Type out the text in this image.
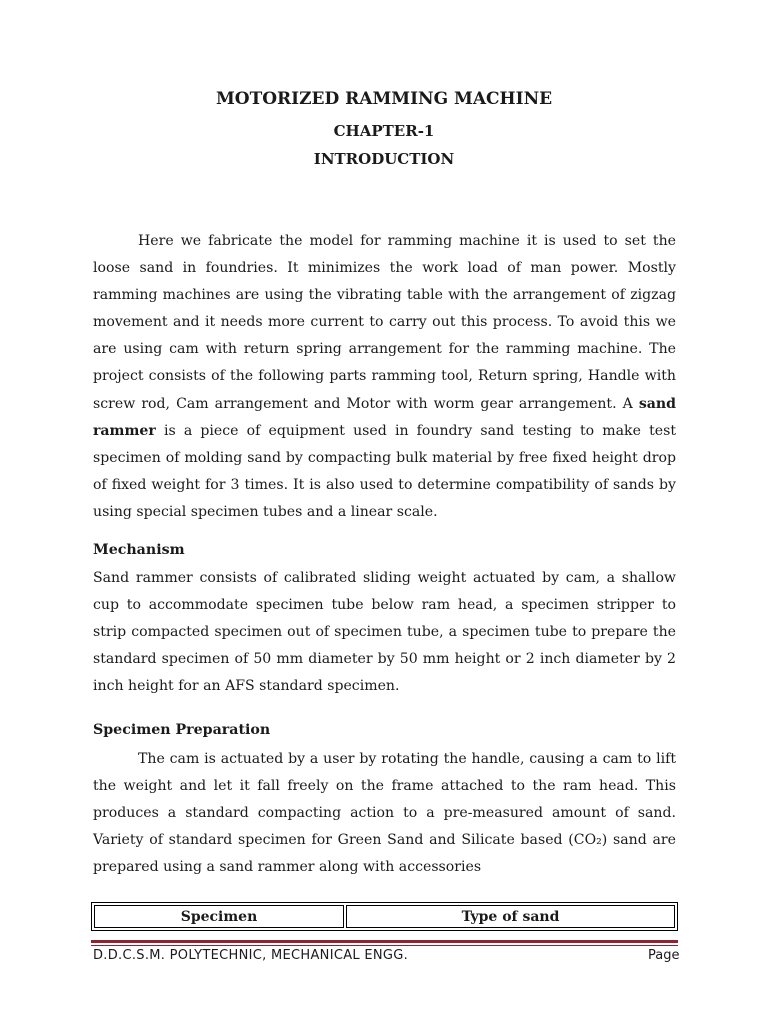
MOTORIZED RAMMING MACHINE
CHAPTER-1
INTRODUCTION

Here we fabricate the model for ramming machine it is used to set the loose sand in foundries. It minimizes the work load of man power. Mostly ramming machines are using the vibrating table with the arrangement of zigzag movement and it needs more current to carry out this process. To avoid this we are using cam with return spring arrangement for the ramming machine. The project consists of the following parts ramming tool, Return spring, Handle with screw rod, Cam arrangement and Motor with worm gear arrangement. A sand rammer is a piece of equipment used in foundry sand testing to make test specimen of molding sand by compacting bulk material by free fixed height drop of fixed weight for 3 times. It is also used to determine compatibility of sands by using special specimen tubes and a linear scale.

Mechanism

Sand rammer consists of calibrated sliding weight actuated by cam, a shallow cup to accommodate specimen tube below ram head, a specimen stripper to strip compacted specimen out of specimen tube, a specimen tube to prepare the standard specimen of 50 mm diameter by 50 mm height or 2 inch diameter by 2 inch height for an AFS standard specimen.

Specimen Preparation

The cam is actuated by a user by rotating the handle, causing a cam to lift the weight and let it fall freely on the frame attached to the ram head. This produces a standard compacting action to a pre-measured amount of sand. Variety of standard specimen for Green Sand and Silicate based (CO₂) sand are prepared using a sand rammer along with accessories

Specimen	Type of sand
D.D.C.S.M. POLYTECHNIC, MECHANICAL ENGG.	Page
